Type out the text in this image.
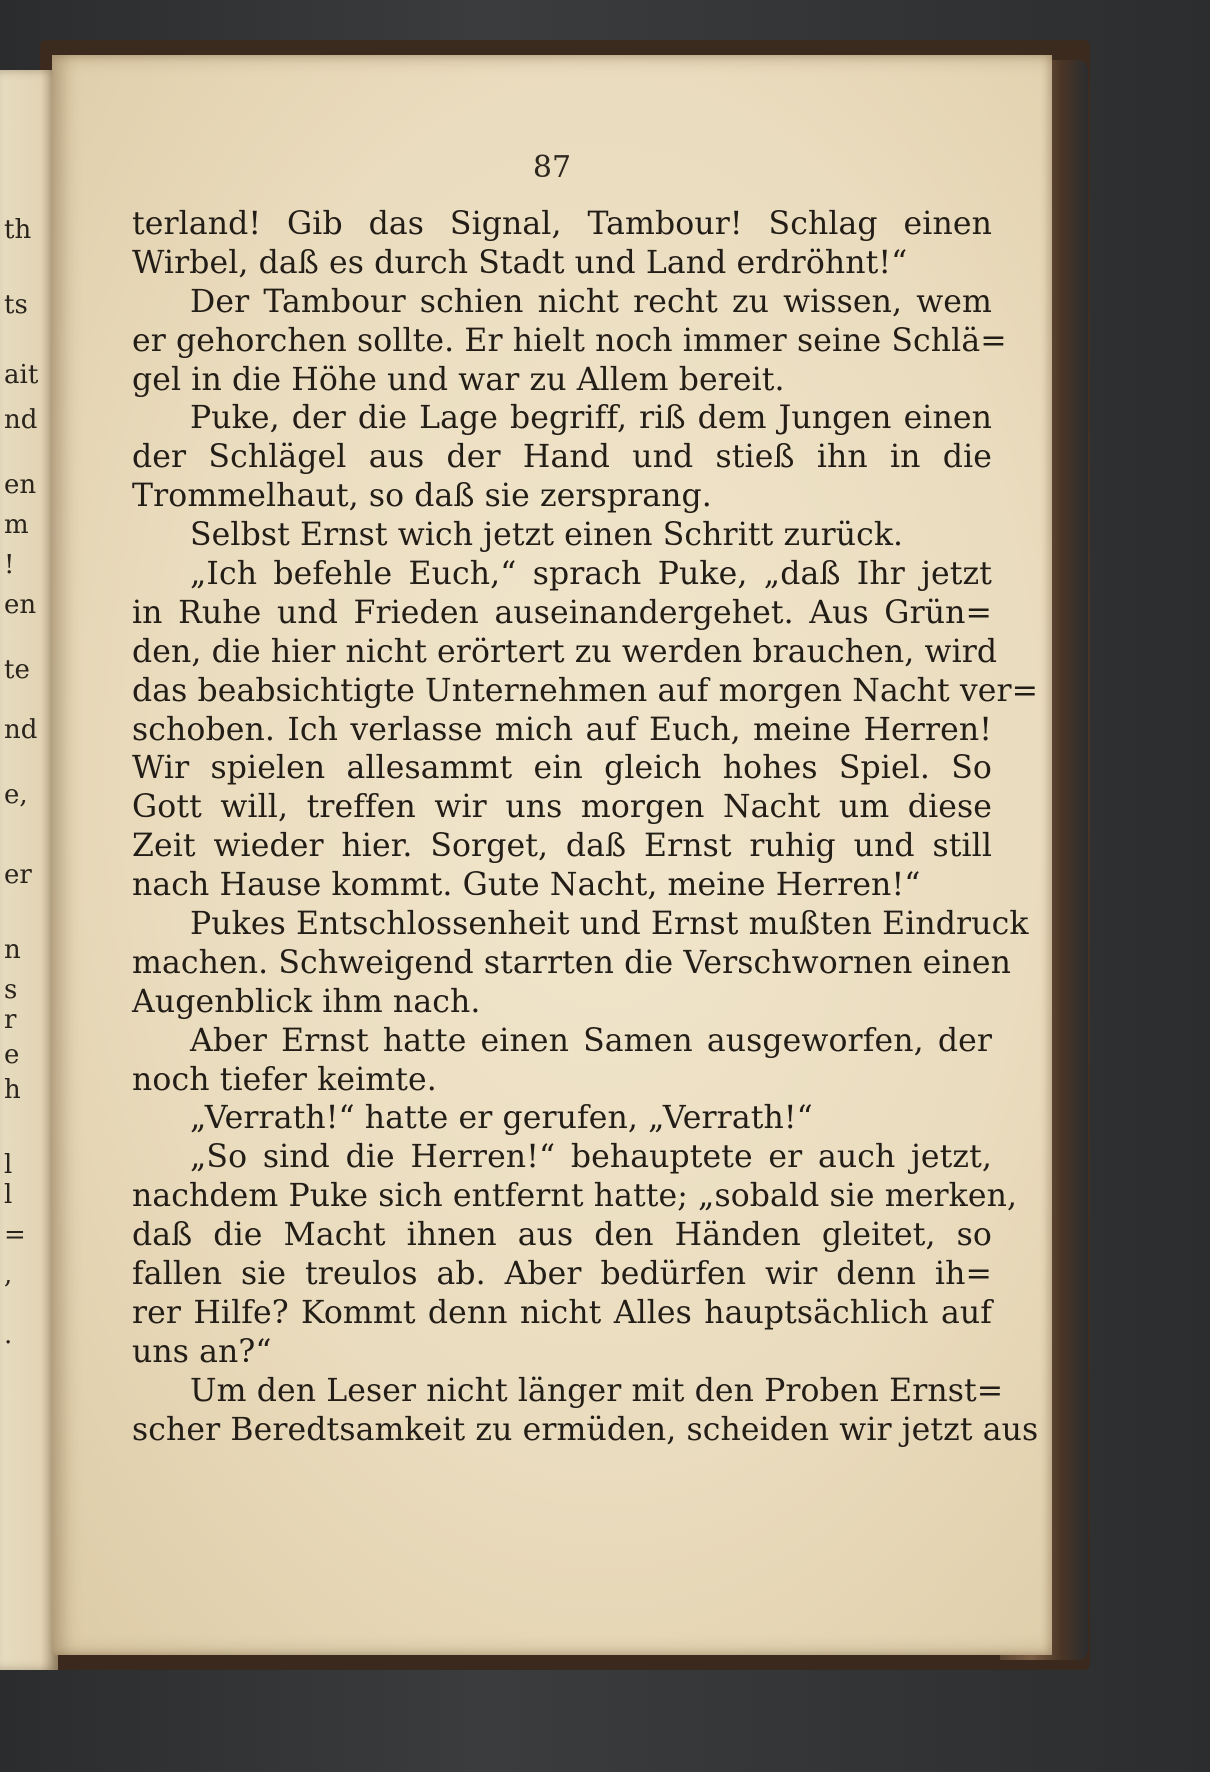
th
ts
ait
nd
en
m
!
en
te
nd
e,
er
n
s
r
e
h
l
l
=
,
.
87
terland! Gib das Signal, Tambour! Schlag einen
Wirbel, daß es durch Stadt und Land erdröhnt!“
Der Tambour schien nicht recht zu wissen, wem
er gehorchen sollte. Er hielt noch immer seine Schlä=
gel in die Höhe und war zu Allem bereit.
Puke, der die Lage begriff, riß dem Jungen einen
der Schlägel aus der Hand und stieß ihn in die
Trommelhaut, so daß sie zersprang.
Selbst Ernst wich jetzt einen Schritt zurück.
„Ich befehle Euch,“ sprach Puke, „daß Ihr jetzt
in Ruhe und Frieden auseinandergehet. Aus Grün=
den, die hier nicht erörtert zu werden brauchen, wird
das beabsichtigte Unternehmen auf morgen Nacht ver=
schoben. Ich verlasse mich auf Euch, meine Herren!
Wir spielen allesammt ein gleich hohes Spiel. So
Gott will, treffen wir uns morgen Nacht um diese
Zeit wieder hier. Sorget, daß Ernst ruhig und still
nach Hause kommt. Gute Nacht, meine Herren!“
Pukes Entschlossenheit und Ernst mußten Eindruck
machen. Schweigend starrten die Verschwornen einen
Augenblick ihm nach.
Aber Ernst hatte einen Samen ausgeworfen, der
noch tiefer keimte.
„Verrath!“ hatte er gerufen, „Verrath!“
„So sind die Herren!“ behauptete er auch jetzt,
nachdem Puke sich entfernt hatte; „sobald sie merken,
daß die Macht ihnen aus den Händen gleitet, so
fallen sie treulos ab. Aber bedürfen wir denn ih=
rer Hilfe? Kommt denn nicht Alles hauptsächlich auf
uns an?“
Um den Leser nicht länger mit den Proben Ernst=
scher Beredtsamkeit zu ermüden, scheiden wir jetzt aus
